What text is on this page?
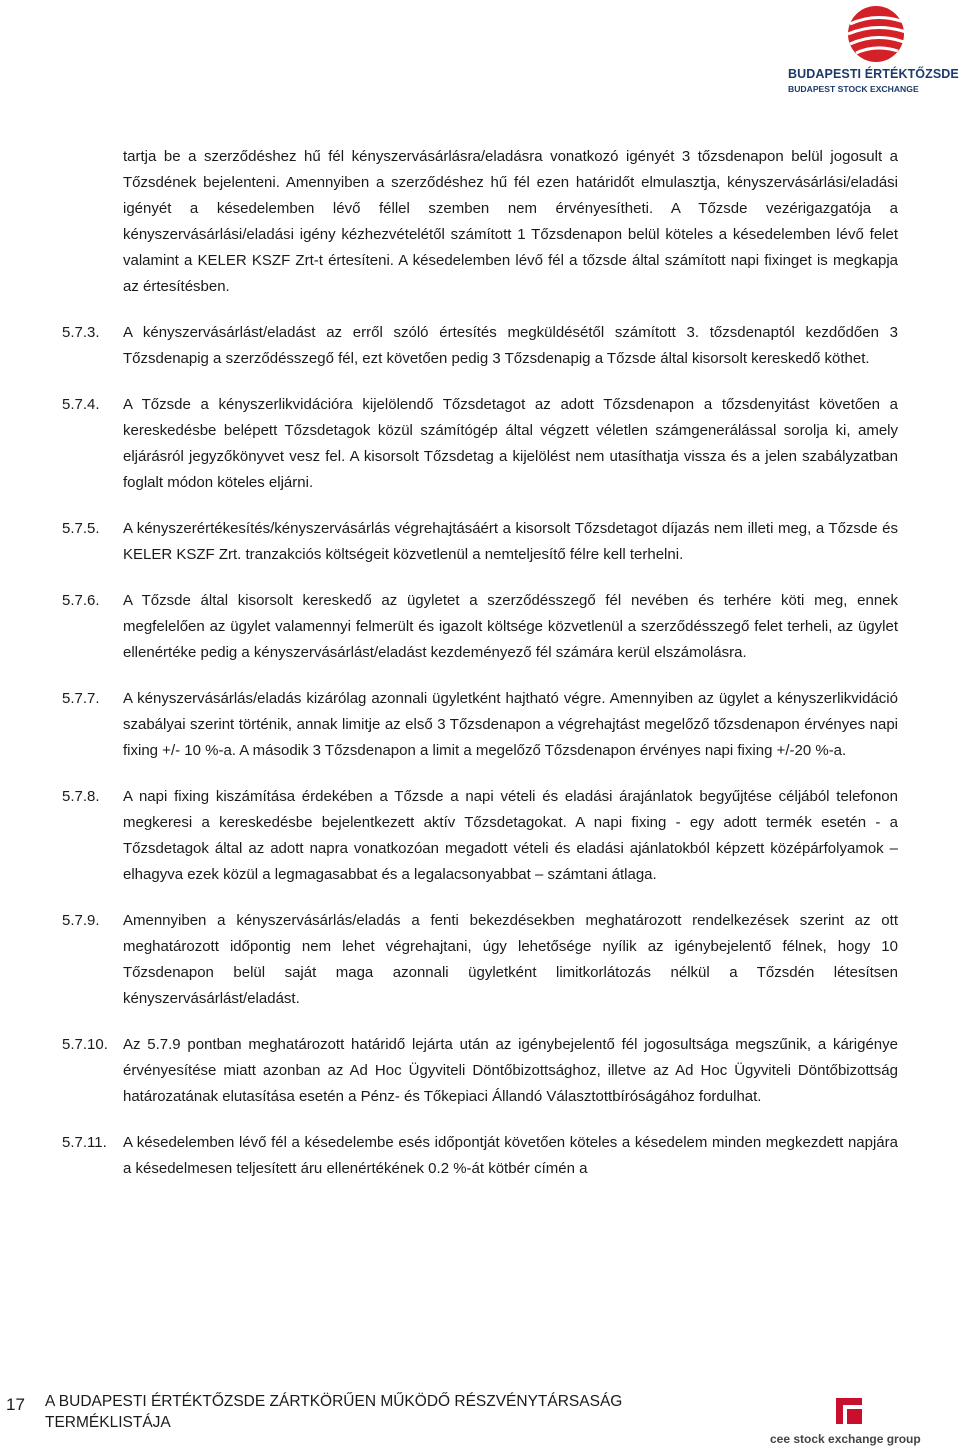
BUDAPESTI ÉRTÉKTŐZSDE
BUDAPEST STOCK EXCHANGE
tartja be a szerződéshez hű fél kényszervásárlásra/eladásra vonatkozó igényét 3 tőzsdenapon belül jogosult a Tőzsdének bejelenteni. Amennyiben a szerződéshez hű fél ezen határidőt elmulasztja, kényszervásárlási/eladási igényét a késedelemben lévő féllel szemben nem érvényesítheti. A Tőzsde vezérigazgatója a kényszervásárlási/eladási igény kézhezvételétől számított 1 Tőzsdenapon belül köteles a késedelemben lévő felet valamint a KELER KSZF Zrt-t értesíteni. A késedelemben lévő fél a tőzsde által számított napi fixinget is megkapja az értesítésben.
5.7.3.	A kényszervásárlást/eladást az erről szóló értesítés megküldésétől számított 3. tőzsdenaptól kezdődően 3 Tőzsdenapig a szerződésszegő fél, ezt követően pedig 3 Tőzsdenapig a Tőzsde által kisorsolt kereskedő köthet.
5.7.4.	A Tőzsde a kényszerlikvidációra kijelölendő Tőzsdetagot az adott Tőzsdenapon a tőzsdenyitást követően a kereskedésbe belépett Tőzsdetagok közül számítógép által végzett véletlen számgenerálással sorolja ki, amely eljárásról jegyzőkönyvet vesz fel. A kisorsolt Tőzsdetag a kijelölést nem utasíthatja vissza és a jelen szabályzatban foglalt módon köteles eljárni.
5.7.5.	A kényszerértékesítés/kényszervásárlás végrehajtásáért a kisorsolt Tőzsdetagot díjazás nem illeti meg, a Tőzsde és KELER KSZF Zrt. tranzakciós költségeit közvetlenül a nemteljesítő félre kell terhelni.
5.7.6.	A Tőzsde által kisorsolt kereskedő az ügyletet a szerződésszegő fél nevében és terhére köti meg, ennek megfelelően az ügylet valamennyi felmerült és igazolt költsége közvetlenül a szerződésszegő felet terheli, az ügylet ellenértéke pedig a kényszervásárlást/eladást kezdeményező fél számára kerül elszámolásra.
5.7.7.	A kényszervásárlás/eladás kizárólag azonnali ügyletként hajtható végre. Amennyiben az ügylet a kényszerlikvidáció szabályai szerint történik, annak limitje az első 3 Tőzsdenapon a végrehajtást megelőző tőzsdenapon érvényes napi fixing +/- 10 %-a. A második 3 Tőzsdenapon a limit a megelőző Tőzsdenapon érvényes napi fixing +/-20 %-a.
5.7.8.	A napi fixing kiszámítása érdekében a Tőzsde a napi vételi és eladási árajánlatok begyűjtése céljából telefonon megkeresi a kereskedésbe bejelentkezett aktív Tőzsdetagokat. A napi fixing - egy adott termék esetén - a Tőzsdetagok által az adott napra vonatkozóan megadott vételi és eladási ajánlatokból képzett középárfolyamok – elhagyva ezek közül a legmagasabbat és a legalacsonyabbat – számtani átlaga.
5.7.9.	Amennyiben a kényszervásárlás/eladás a fenti bekezdésekben meghatározott rendelkezések szerint az ott meghatározott időpontig nem lehet végrehajtani, úgy lehetősége nyílik az igénybejelentő félnek, hogy 10 Tőzsdenapon belül saját maga azonnali ügyletként limitkorlátozás nélkül a Tőzsdén létesítsen kényszervásárlást/eladást.
5.7.10.	Az 5.7.9 pontban meghatározott határidő lejárta után az igénybejelentő fél jogosultsága megszűnik, a kárigénye érvényesítése miatt azonban az Ad Hoc Ügyviteli Döntőbizottsághoz, illetve az Ad Hoc Ügyviteli Döntőbizottság határozatának elutasítása esetén a Pénz- és Tőkepiaci Állandó Választottbíróságához fordulhat.
5.7.11.	A késedelemben lévő fél a késedelembe esés időpontját követően köteles a késedelem minden megkezdett napjára a késedelmesen teljesített áru ellenértékének 0.2 %-át kötbér címén a
17 A BUDAPESTI ÉRTÉKTŐZSDE ZÁRTKÖRŰEN MŰKÖDŐ RÉSZVÉNYTÁRSASÁG
TERMÉKLISTÁJA
cee stock exchange group
